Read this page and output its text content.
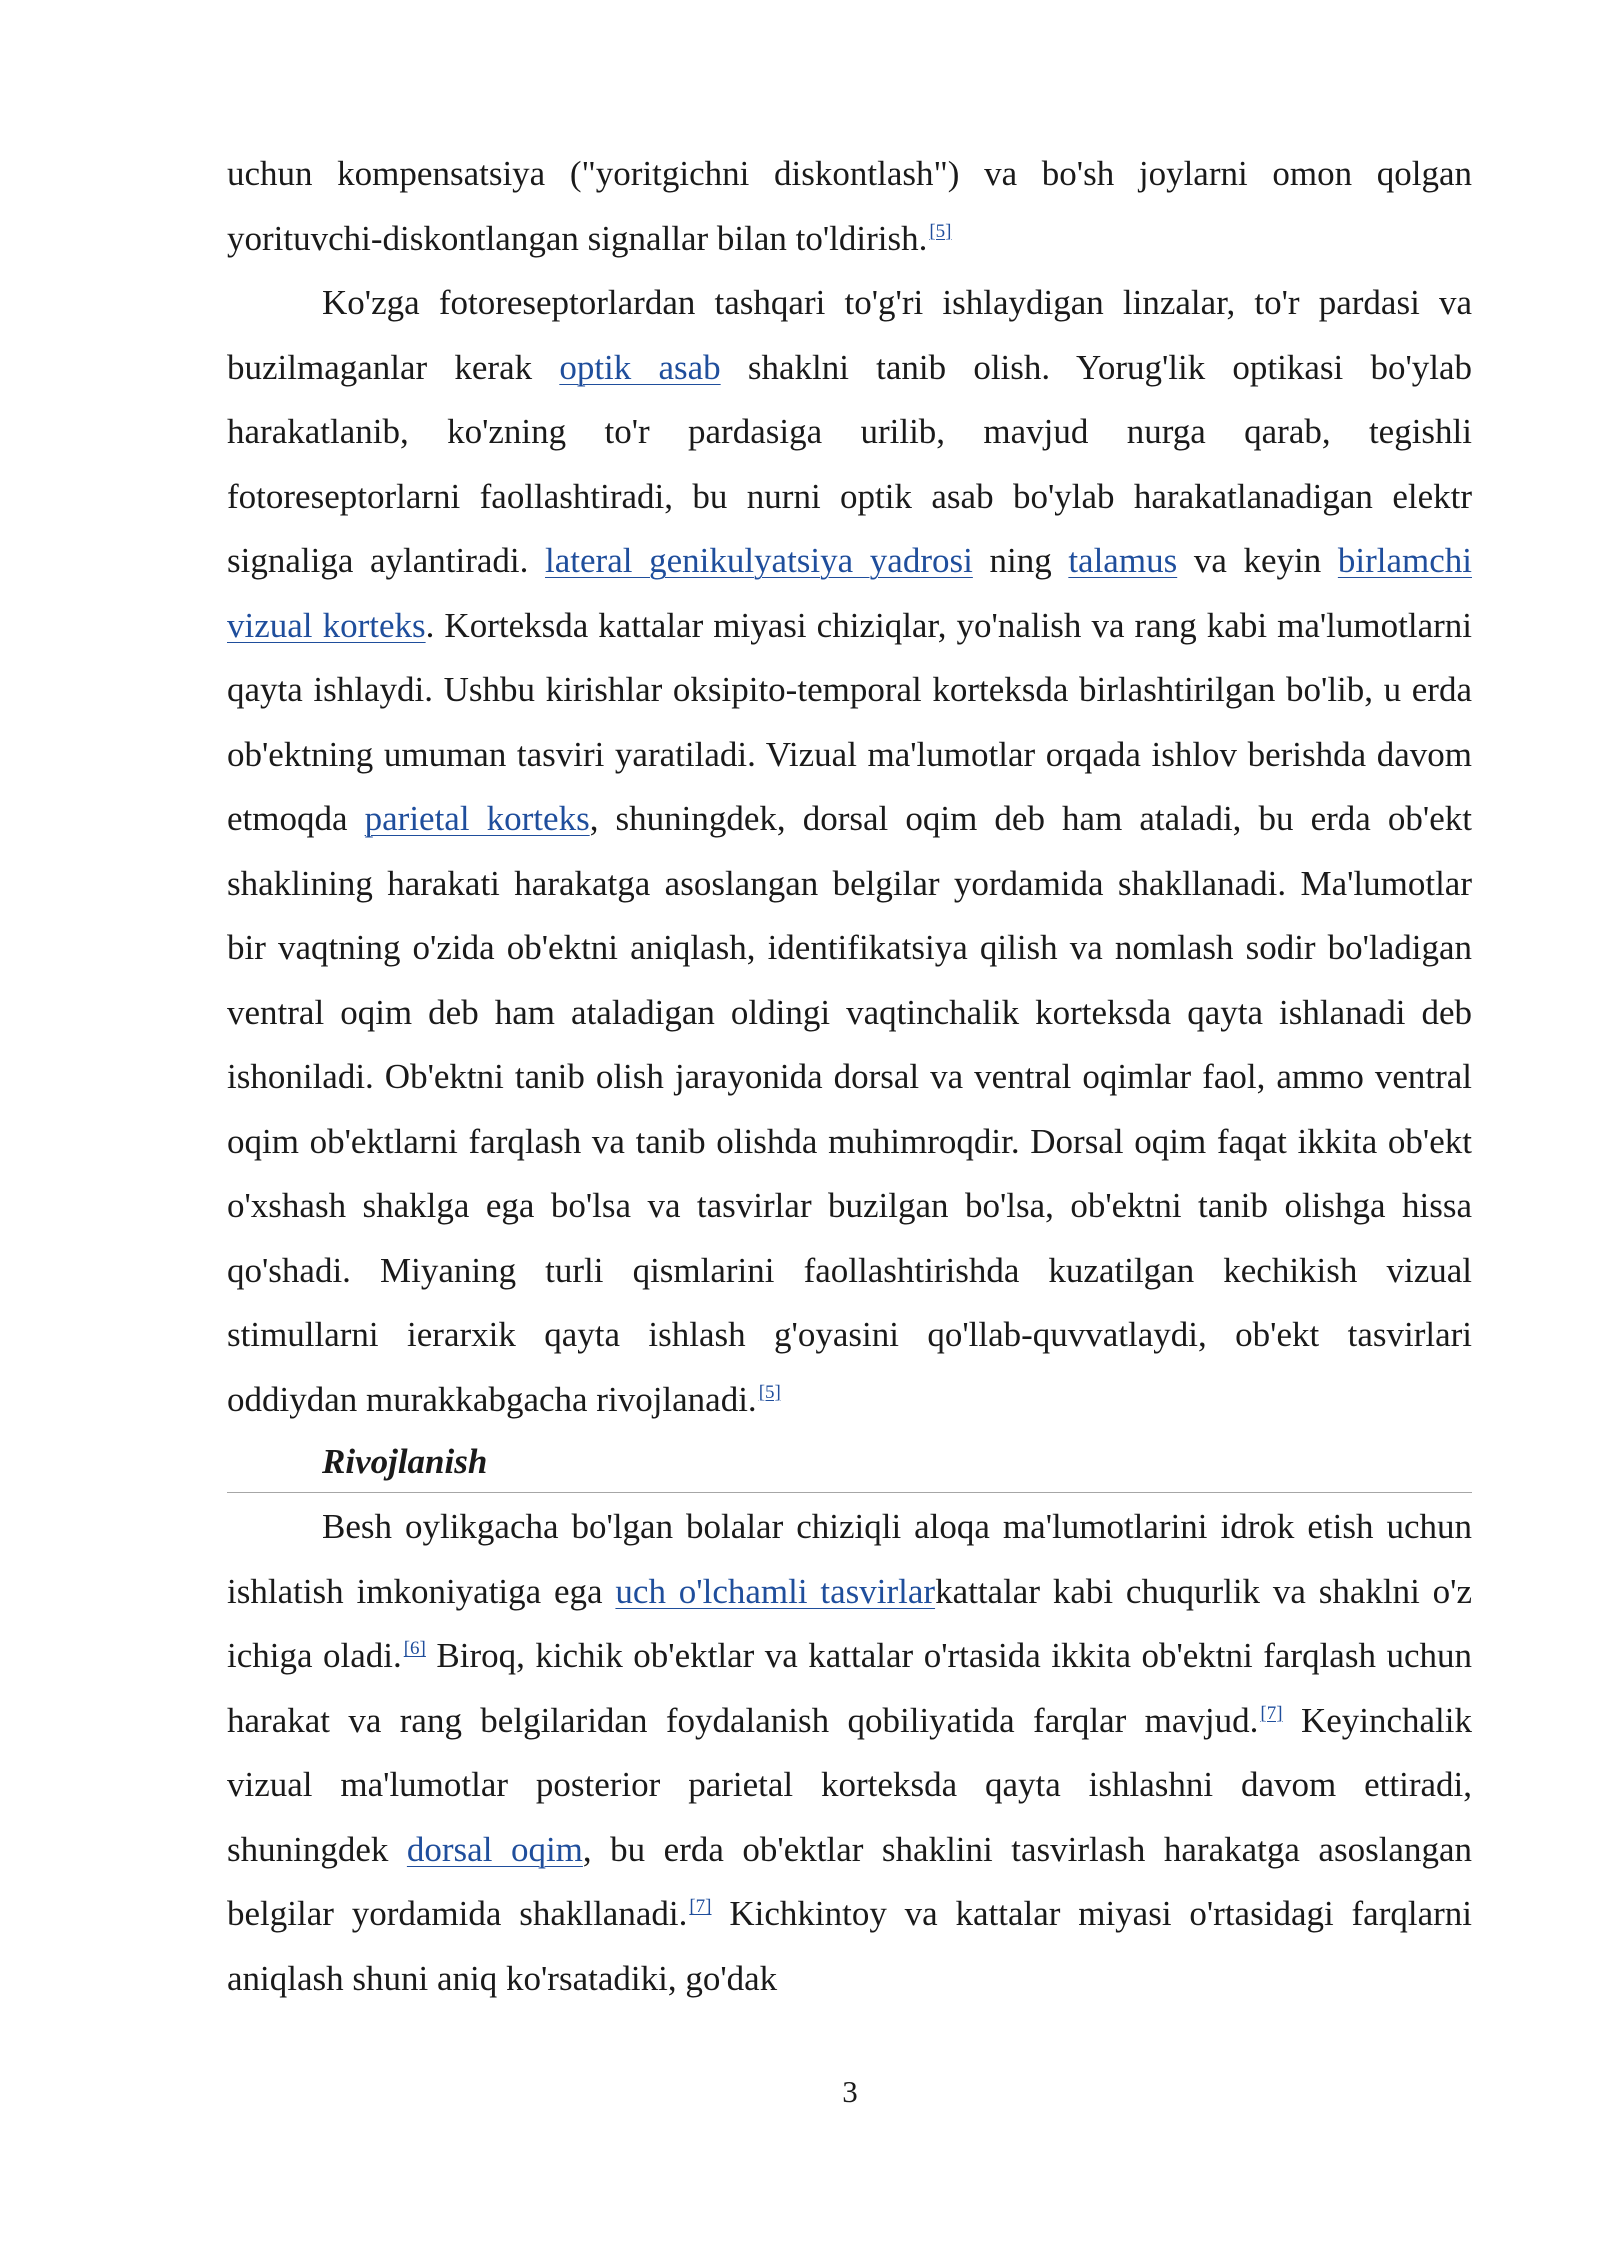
uchun kompensatsiya ("yoritgichni diskontlash") va bo'sh joylarni omon qolgan yorituvchi-diskontlangan signallar bilan to'ldirish. [5]

Ko'zga fotoreseptorlardan tashqari to'g'ri ishlaydigan linzalar, to'r pardasi va buzilmaganlar kerak optik asab shaklni tanib olish. Yorug'lik optikasi bo'ylab harakatlanib, ko'zning to'r pardasiga urilib, mavjud nurga qarab, tegishli fotoreseptorlarni faollashtiradi, bu nurni optik asab bo'ylab harakatlanadigan elektr signaliga aylantiradi. lateral genikulyatsiya yadrosi ning talamus va keyin birlamchi vizual korteks. Korteksda kattalar miyasi chiziqlar, yo'nalish va rang kabi ma'lumotlarni qayta ishlaydi. Ushbu kirishlar oksipito-temporal korteksda birlashtirilgan bo'lib, u erda ob'ektning umuman tasviri yaratiladi. Vizual ma'lumotlar orqada ishlov berishda davom etmoqda parietal korteks, shuningdek, dorsal oqim deb ham ataladi, bu erda ob'ekt shaklining harakati harakatga asoslangan belgilar yordamida shakllanadi. Ma'lumotlar bir vaqtning o'zida ob'ektni aniqlash, identifikatsiya qilish va nomlash sodir bo'ladigan ventral oqim deb ham ataladigan oldingi vaqtinchalik korteksda qayta ishlanadi deb ishoniladi. Ob'ektni tanib olish jarayonida dorsal va ventral oqimlar faol, ammo ventral oqim ob'ektlarni farqlash va tanib olishda muhimroqdir. Dorsal oqim faqat ikkita ob'ekt o'xshash shaklga ega bo'lsa va tasvirlar buzilgan bo'lsa, ob'ektni tanib olishga hissa qo'shadi. Miyaning turli qismlarini faollashtirishda kuzatilgan kechikish vizual stimullarni ierarxik qayta ishlash g'oyasini qo'llab-quvvatlaydi, ob'ekt tasvirlari oddiydan murakkabgacha rivojlanadi. [5]

Rivojlanish

Besh oylikgacha bo'lgan bolalar chiziqli aloqa ma'lumotlarini idrok etish uchun ishlatish imkoniyatiga ega uch o'lchamli tasvirlarkattalar kabi chuqurlik va shaklni o'z ichiga oladi. [6] Biroq, kichik ob'ektlar va kattalar o'rtasida ikkita ob'ektni farqlash uchun harakat va rang belgilaridan foydalanish qobiliyatida farqlar mavjud. [7] Keyinchalik vizual ma'lumotlar posterior parietal korteksda qayta ishlashni davom ettiradi, shuningdek dorsal oqim, bu erda ob'ektlar shaklini tasvirlash harakatga asoslangan belgilar yordamida shakllanadi. [7] Kichkintoy va kattalar miyasi o'rtasidagi farqlarni aniqlash shuni aniq ko'rsatadiki, go'dak

3
